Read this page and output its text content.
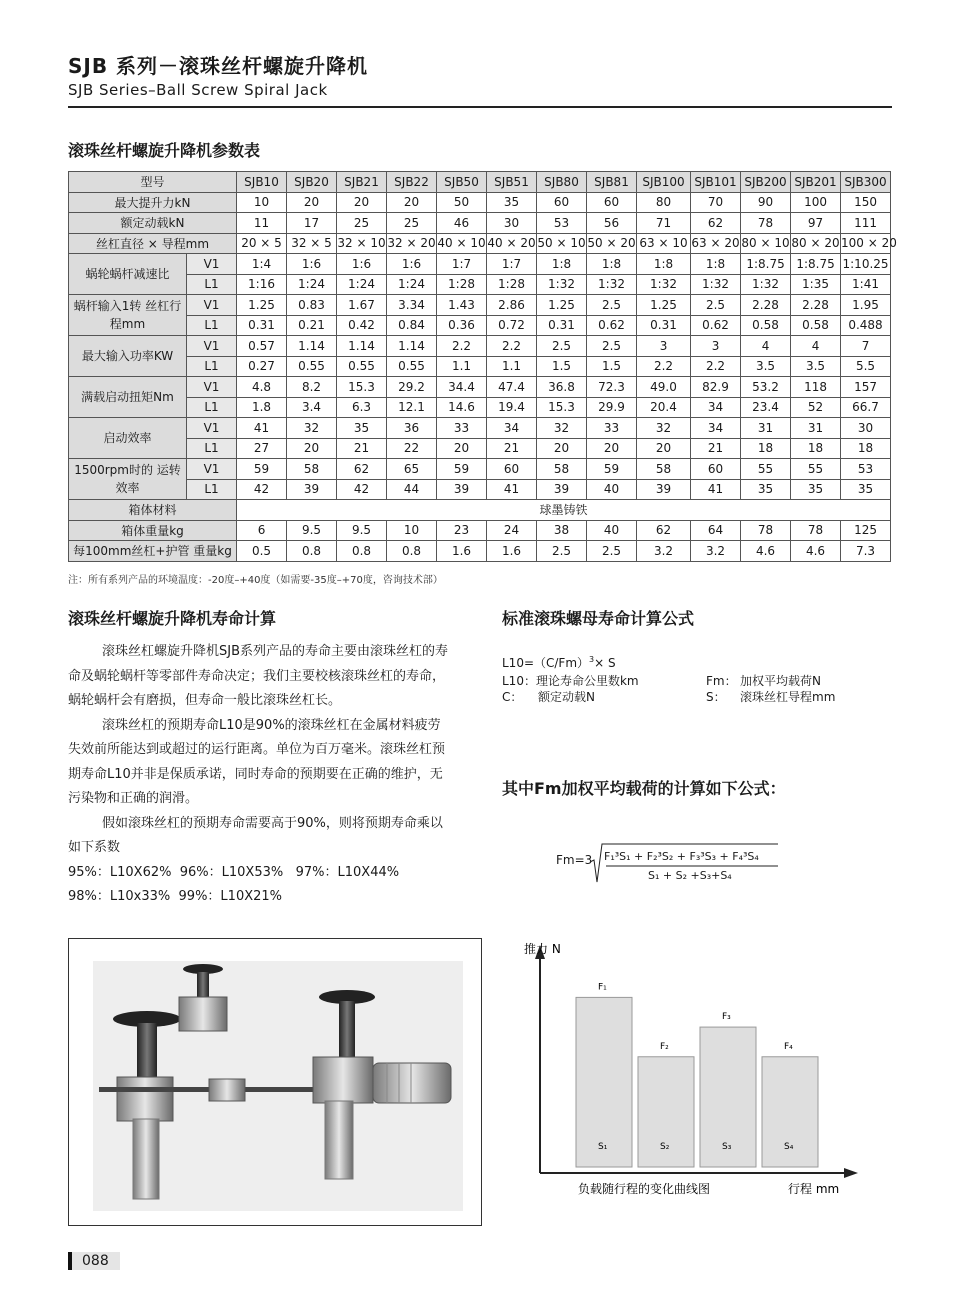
SJB 系列－滚珠丝杆螺旋升降机
SJB Series–Ball Screw Spiral Jack
滚珠丝杆螺旋升降机参数表
型号		SJB10	SJB20	SJB21	SJB22	SJB50	SJB51	SJB80	SJB81	SJB100	SJB101	SJB200	SJB201	SJB300
最大提升力kN		10	20	20	20	50	35	60	60	80	70	90	100	150
额定动载kN		11	17	25	25	46	30	53	56	71	62	78	97	111
丝杠直径 × 导程mm		20 × 5	32 × 5	32 × 10	32 × 20	40 × 10	40 × 20	50 × 10	50 × 20	63 × 10	63 × 20	80 × 10	80 × 20	100 × 20
蜗轮蜗杆减速比	V1	1:4	1:6	1:6	1:6	1:7	1:7	1:8	1:8	1:8	1:8	1:8.75	1:8.75	1:10.25
	L1	1:16	1:24	1:24	1:24	1:28	1:28	1:32	1:32	1:32	1:32	1:32	1:35	1:41
蜗杆输入1转 丝杠行程mm	V1	1.25	0.83	1.67	3.34	1.43	2.86	1.25	2.5	1.25	2.5	2.28	2.28	1.95
	L1	0.31	0.21	0.42	0.84	0.36	0.72	0.31	0.62	0.31	0.62	0.58	0.58	0.488
最大输入功率KW	V1	0.57	1.14	1.14	1.14	2.2	2.2	2.5	2.5	3	3	4	4	7
	L1	0.27	0.55	0.55	0.55	1.1	1.1	1.5	1.5	2.2	2.2	3.5	3.5	5.5
满载启动扭矩Nm	V1	4.8	8.2	15.3	29.2	34.4	47.4	36.8	72.3	49.0	82.9	53.2	118	157
	L1	1.8	3.4	6.3	12.1	14.6	19.4	15.3	29.9	20.4	34	23.4	52	66.7
启动效率	V1	41	32	35	36	33	34	32	33	32	34	31	31	30
	L1	27	20	21	22	20	21	20	20	20	21	18	18	18
1500rpm时的 运转效率	V1	59	58	62	65	59	60	58	59	58	60	55	55	53
	L1	42	39	42	44	39	41	39	40	39	41	35	35	35
箱体材料		球墨铸铁												
箱体重量kg		6	9.5	9.5	10	23	24	38	40	62	64	78	78	125
每100mm丝杠+护管 重量kg		0.5	0.8	0.8	0.8	1.6	1.6	2.5	2.5	3.2	3.2	4.6	4.6	7.3
注：所有系列产品的环境温度：-20度–+40度（如需要-35度–+70度，咨询技术部）
滚珠丝杆螺旋升降机寿命计算

滚珠丝杠螺旋升降机SJB系列产品的寿命主要由滚珠丝杠的寿命及蜗轮蜗杆等零部件寿命决定；我们主要校核滚珠丝杠的寿命，蜗轮蜗杆会有磨损，但寿命一般比滚珠丝杠长。

滚珠丝杠的预期寿命L10是90%的滚珠丝杠在金属材料疲劳失效前所能达到或超过的运行距离。单位为百万毫米。滚珠丝杠预期寿命L10并非是保质承诺，同时寿命的预期要在正确的维护，无污染物和正确的润滑。

假如滚珠丝杠的预期寿命需要高于90%，则将预期寿命乘以如下系数

95%：L10X62%  96%：L10X53%   97%：L10X44%

98%：L10x33%  99%：L10X21%

标准滚珠螺母寿命计算公式
$L10=(C/Fm)^3\times S$
L10：理论寿命公里数km
C： 额定动载N
Fm： 加权平均载荷N
S： 滚珠丝杠导程mm
其中Fm加权平均载荷的计算如下公式：
Fm=3 F₁³S₁ + F₂³S₂ + F₃³S₃ + F₄³S₄
S₁ + S₂ +S₃+S₄
推力 N
负载随行程的变化曲线图	行程 mm
F₁
S₁
F₂
S₂
F₃
S₃
F₄
S₄
088
